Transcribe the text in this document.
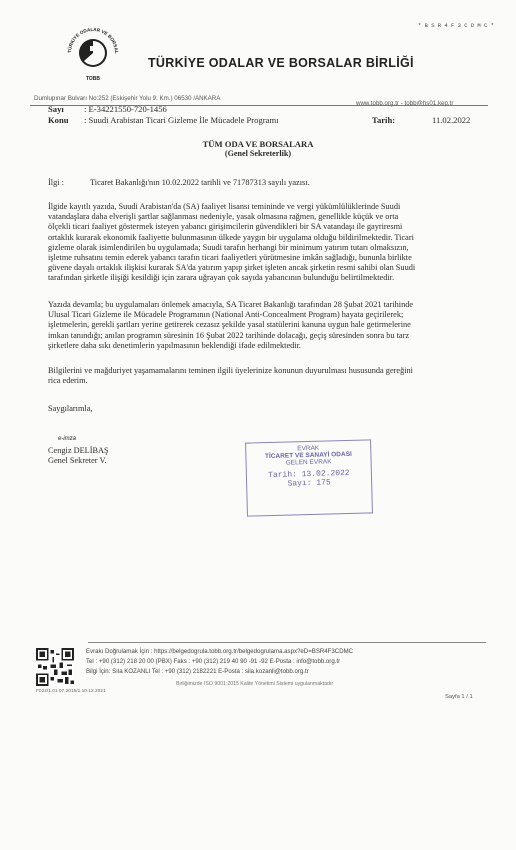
TÜRKİYE ODALAR VE BORSAL
TOBB
TÜRKİYE ODALAR VE BORSALAR BİRLİĞİ
* B S R 4 F 3 C D M C *
Dumlupınar Bulvarı No:252 (Eskişehir Yolu 9. Km.) 06530 /ANKARA
www.tobb.org.tr - tobb@hs01.kep.tr
Sayı : E-34221550-720-1456
Konu : Suudi Arabistan Ticari Gizleme İle Mücadele Programı	Tarih:	11.02.2022
TÜM ODA VE BORSALARA
(Genel Sekreterlik)
İlgi :	Ticaret Bakanlığı'nın 10.02.2022 tarihli ve 71787313 sayılı yazısı.
İlgide kayıtlı yazıda, Suudi Arabistan'da (SA) faaliyet lisansı temininde ve vergi yükümlülüklerinde Suudi
vatandaşlara daha elverişli şartlar sağlanması nedeniyle, yasak olmasına rağmen, genellikle küçük ve orta
ölçekli ticari faaliyet göstermek isteyen yabancı girişimcilerin güvendikleri bir SA vatandaşı ile gayriresmi
ortaklık kurarak ekonomik faaliyette bulunmasının ülkede yaygın bir uygulama olduğu bildirilmektedir. Ticari
gizleme olarak isimlendirilen bu uygulamada; Suudi tarafın herhangi bir minimum yatırım tutarı olmaksızın,
işletme ruhsatını temin ederek yabancı tarafın ticari faaliyetleri yürütmesine imkân sağladığı, bununla birlikte
güvene dayalı ortaklık ilişkisi kurarak SA'da yatırım yapıp şirket işleten ancak şirketin resmi sahibi olan Suudi
tarafından şirketle ilişiği kesildiği için zarara uğrayan çok sayıda yabancının bulunduğu belirtilmektedir.
Yazıda devamla; bu uygulamaları önlemek amacıyla, SA Ticaret Bakanlığı tarafından 28 Şubat 2021 tarihinde
Ulusal Ticari Gizleme ile Mücadele Programının (National Anti-Concealment Program) hayata geçirilerek;
işletmelerin, gerekli şartları yerine getirerek cezasız şekilde yasal statülerini kanuna uygun hale getirmelerine
imkan tanındığı; anılan programın süresinin 16 Şubat 2022 tarihinde dolacağı, geçiş süresinden sonra bu tarz
şirketlere daha sıkı denetimlerin yapılmasının beklendiği ifade edilmektedir.
Bilgilerini ve mağduriyet yaşamamalarını teminen ilgili üyelerinize konunun duyurulması hususunda gereğini
rica ederim.
Saygılarımla,
e-imza
Cengiz DELİBAŞ
Genel Sekreter V.
EVRAK
TİCARET VE SANAYİ ODASI
GELEN EVRAK
Tarih: 13.02.2022
Sayı: 175
Evrakı Doğrulamak İçin : https://belgedogrula.tobb.org.tr/belgedogrulama.aspx?eD=BSR4F3CDMC
Tel : +90 (312) 218 20 00 (PBX) Faks : +90 (312) 219 40 90 -91 -92 E-Posta : info@tobb.org.tr
Bilgi İçin: Sıla KOZANLI Tel : +90 (312) 2182221 E-Posta : sila.kozanli@tobb.org.tr
Birliğimizde ISO 9001:2015 Kalite Yönetimi Sistemi uygulanmaktadır
F022/1.01 07.2015/1.10.12.2021
Sayfa 1 / 1
